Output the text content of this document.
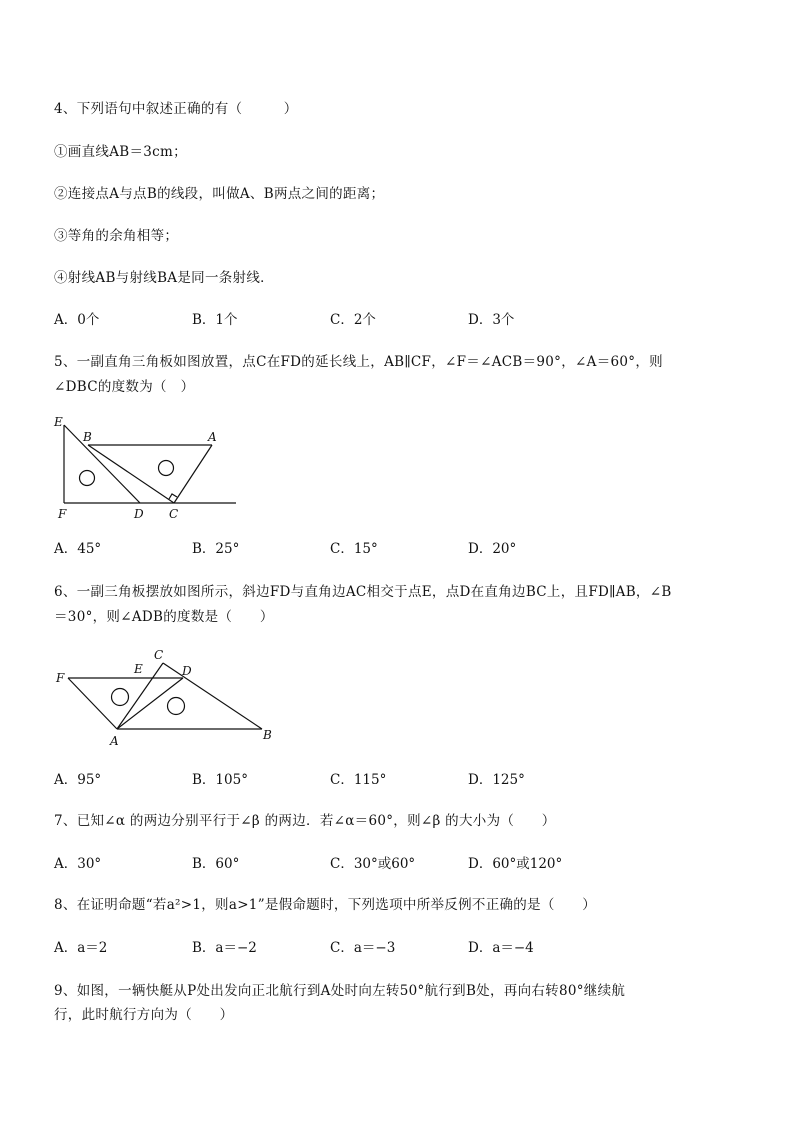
4、下列语句中叙述正确的有（　　　）
①画直线AB＝3cm；
②连接点A与点B的线段，叫做A、B两点之间的距离；
③等角的余角相等；
④射线AB与射线BA是同一条射线．
A．0个	B．1个	C．2个	D．3个
5、一副直角三角板如图放置，点C在FD的延长线上，AB∥CF，∠F＝∠ACB＝90°，∠A＝60°，则
∠DBC的度数为（　）
E
B	A
F	D C
A．45°	B．25°	C．15°	D．20°
6、一副三角板摆放如图所示，斜边FD与直角边AC相交于点E，点D在直角边BC上，且FD∥AB，∠B
＝30°，则∠ADB的度数是（　　）
C
E	D
F
A	B
A．95°	B．105°	C．115°	D．125°
7、已知∠α 的两边分别平行于∠β 的两边．若∠α＝60°，则∠β 的大小为（　　）
A．30°	B．60°	C．30°或60°	D．60°或120°
8、在证明命题“若a²>1，则a>1”是假命题时，下列选项中所举反例不正确的是（　　）
A．a＝2	B．a＝−2	C．a＝−3	D．a＝−4
9、如图，一辆快艇从P处出发向正北航行到A处时向左转50°航行到B处，再向右转80°继续航
行，此时航行方向为（　　）
